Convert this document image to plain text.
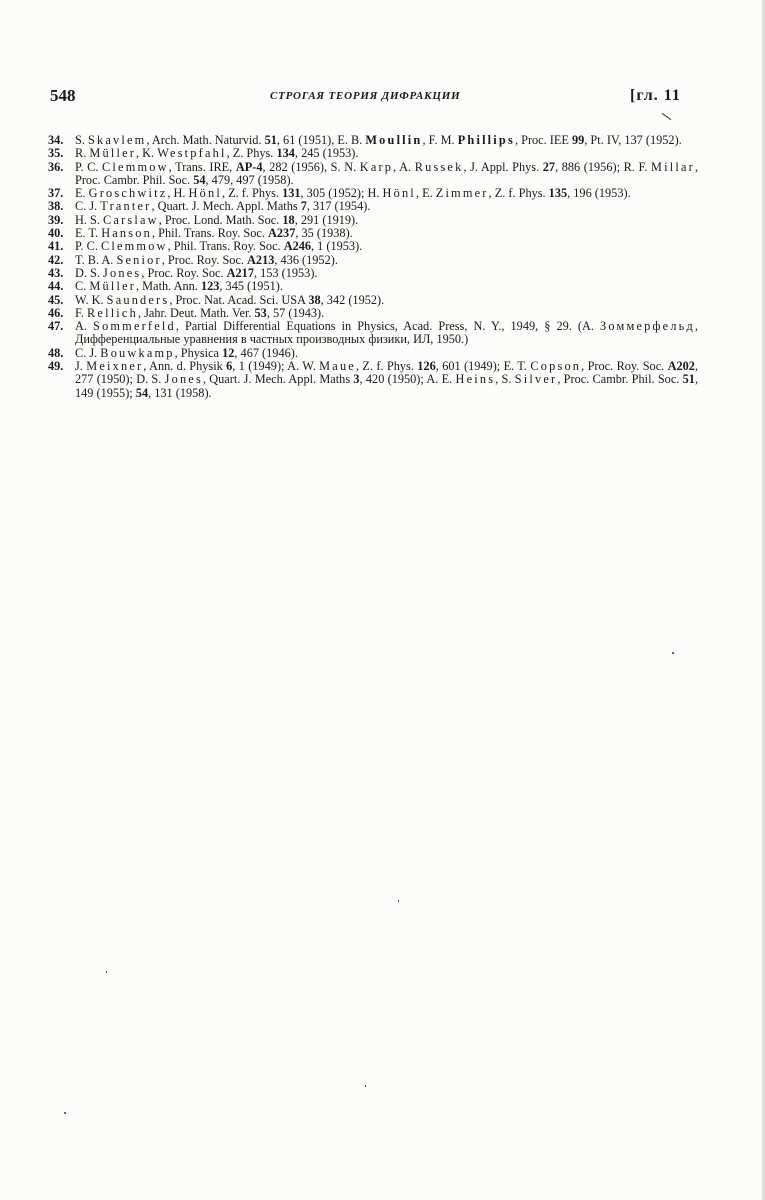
548	СТРОГАЯ ТЕОРИЯ ДИФРАКЦИИ	[гл. 11
34. S. Skavlem, Arch. Math. Naturvid. 51, 61 (1951), E. B. Moullin, F. M. Phillips, Proc. IEE 99, Pt. IV, 137 (1952).
35. R. Müller, K. Westpfahl, Z. Phys. 134, 245 (1953).
36. P. C. Clemmow, Trans. IRE, AP-4, 282 (1956), S. N. Karp, A. Russek, J. Appl. Phys. 27, 886 (1956); R. F. Millar, Proc. Cambr. Phil. Soc. 54, 479, 497 (1958).
37. E. Groschwitz, H. Hönl, Z. f. Phys. 131, 305 (1952); H. Hönl, E. Zimmer, Z. f. Phys. 135, 196 (1953).
38. C. J. Tranter, Quart. J. Mech. Appl. Maths 7, 317 (1954).
39. H. S. Carslaw, Proc. Lond. Math. Soc. 18, 291 (1919).
40. E. T. Hanson, Phil. Trans. Roy. Soc. A237, 35 (1938).
41. P. C. Clemmow, Phil. Trans. Roy. Soc. A246, 1 (1953).
42. T. B. A. Senior, Proc. Roy. Soc. A213, 436 (1952).
43. D. S. Jones, Proc. Roy. Soc. A217, 153 (1953).
44. C. Müller, Math. Ann. 123, 345 (1951).
45. W. K. Saunders, Proc. Nat. Acad. Sci. USA 38, 342 (1952).
46. F. Rellich, Jahr. Deut. Math. Ver. 53, 57 (1943).
47. A. Sommerfeld, Partial Differential Equations in Physics, Acad. Press, N. Y., 1949, § 29. (А. Зоммерфельд, Дифференциальные уравнения в частных производных физики, ИЛ, 1950.)
48. C. J. Bouwkamp, Physica 12, 467 (1946).
49. J. Meixner, Ann. d. Physik 6, 1 (1949); A. W. Maue, Z. f. Phys. 126, 601 (1949); E. T. Copson, Proc. Roy. Soc. A202, 277 (1950); D. S. Jones, Quart. J. Mech. Appl. Maths 3, 420 (1950); A. E. Heins, S. Silver, Proc. Cambr. Phil. Soc. 51, 149 (1955); 54, 131 (1958).
